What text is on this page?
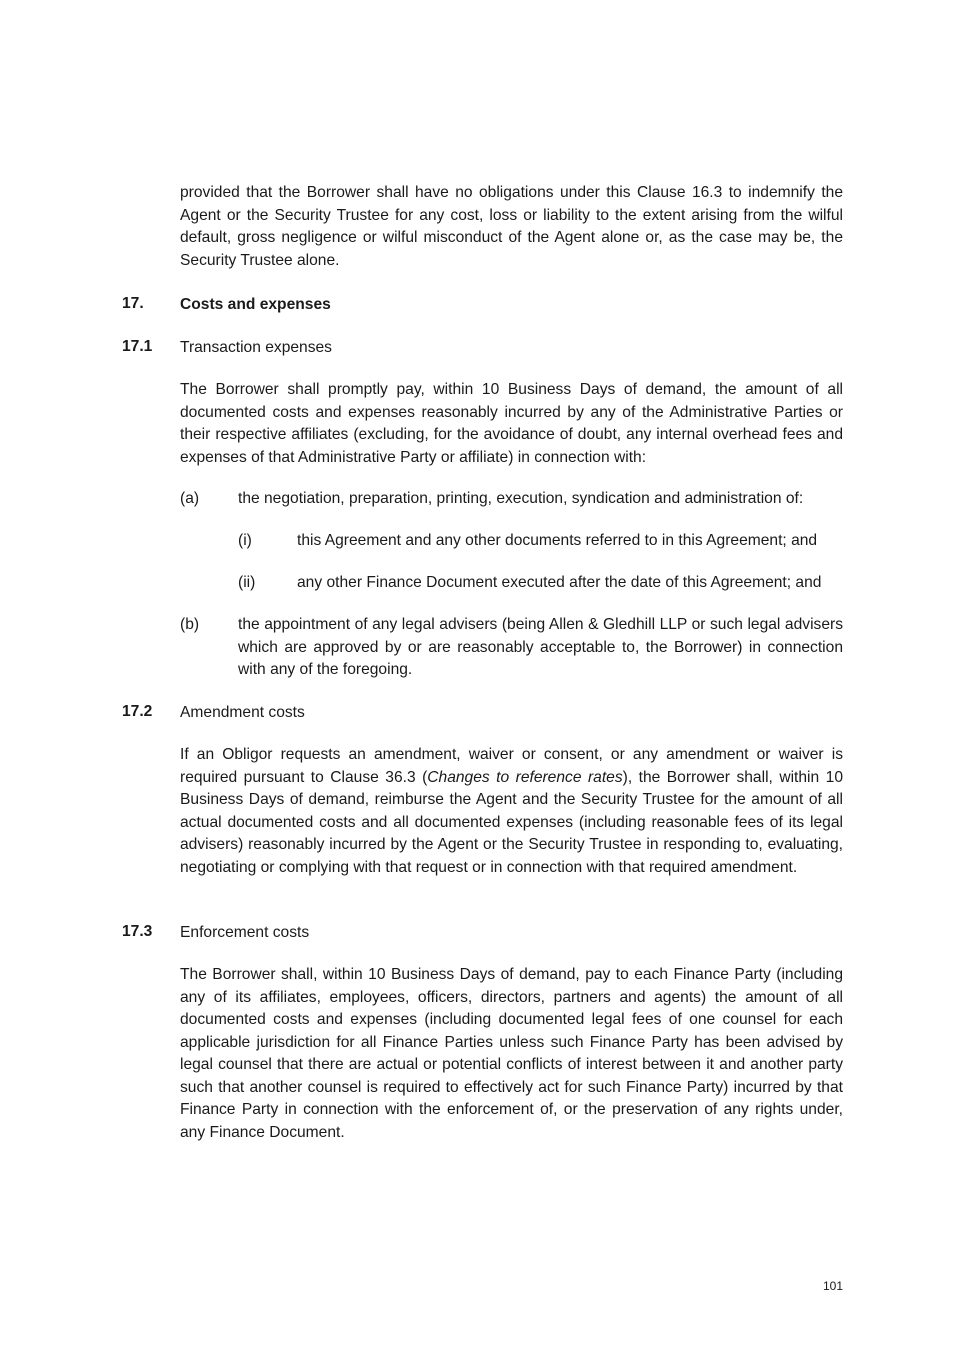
provided that the Borrower shall have no obligations under this Clause 16.3 to indemnify the Agent or the Security Trustee for any cost, loss or liability to the extent arising from the wilful default, gross negligence or wilful misconduct of the Agent alone or, as the case may be, the Security Trustee alone.

17. Costs and expenses
17.1 Transaction expenses

The Borrower shall promptly pay, within 10 Business Days of demand, the amount of all documented costs and expenses reasonably incurred by any of the Administrative Parties or their respective affiliates (excluding, for the avoidance of doubt, any internal overhead fees and expenses of that Administrative Party or affiliate) in connection with:

(a) the negotiation, preparation, printing, execution, syndication and administration of:

(i)	this Agreement and any other documents referred to in this Agreement; and

(ii)	any other Finance Document executed after the date of this Agreement; and

(b) the appointment of any legal advisers (being Allen & Gledhill LLP or such legal advisers which are approved by or are reasonably acceptable to, the Borrower) in connection with any of the foregoing.

17.2 Amendment costs

If an Obligor requests an amendment, waiver or consent, or any amendment or waiver is required pursuant to Clause 36.3 (Changes to reference rates), the Borrower shall, within 10 Business Days of demand, reimburse the Agent and the Security Trustee for the amount of all actual documented costs and all documented expenses (including reasonable fees of its legal advisers) reasonably incurred by the Agent or the Security Trustee in responding to, evaluating, negotiating or complying with that request or in connection with that required amendment.

17.3 Enforcement costs

The Borrower shall, within 10 Business Days of demand, pay to each Finance Party (including any of its affiliates, employees, officers, directors, partners and agents) the amount of all documented costs and expenses (including documented legal fees of one counsel for each applicable jurisdiction for all Finance Parties unless such Finance Party has been advised by legal counsel that there are actual or potential conflicts of interest between it and another party such that another counsel is required to effectively act for such Finance Party) incurred by that Finance Party in connection with the enforcement of, or the preservation of any rights under, any Finance Document.

101
